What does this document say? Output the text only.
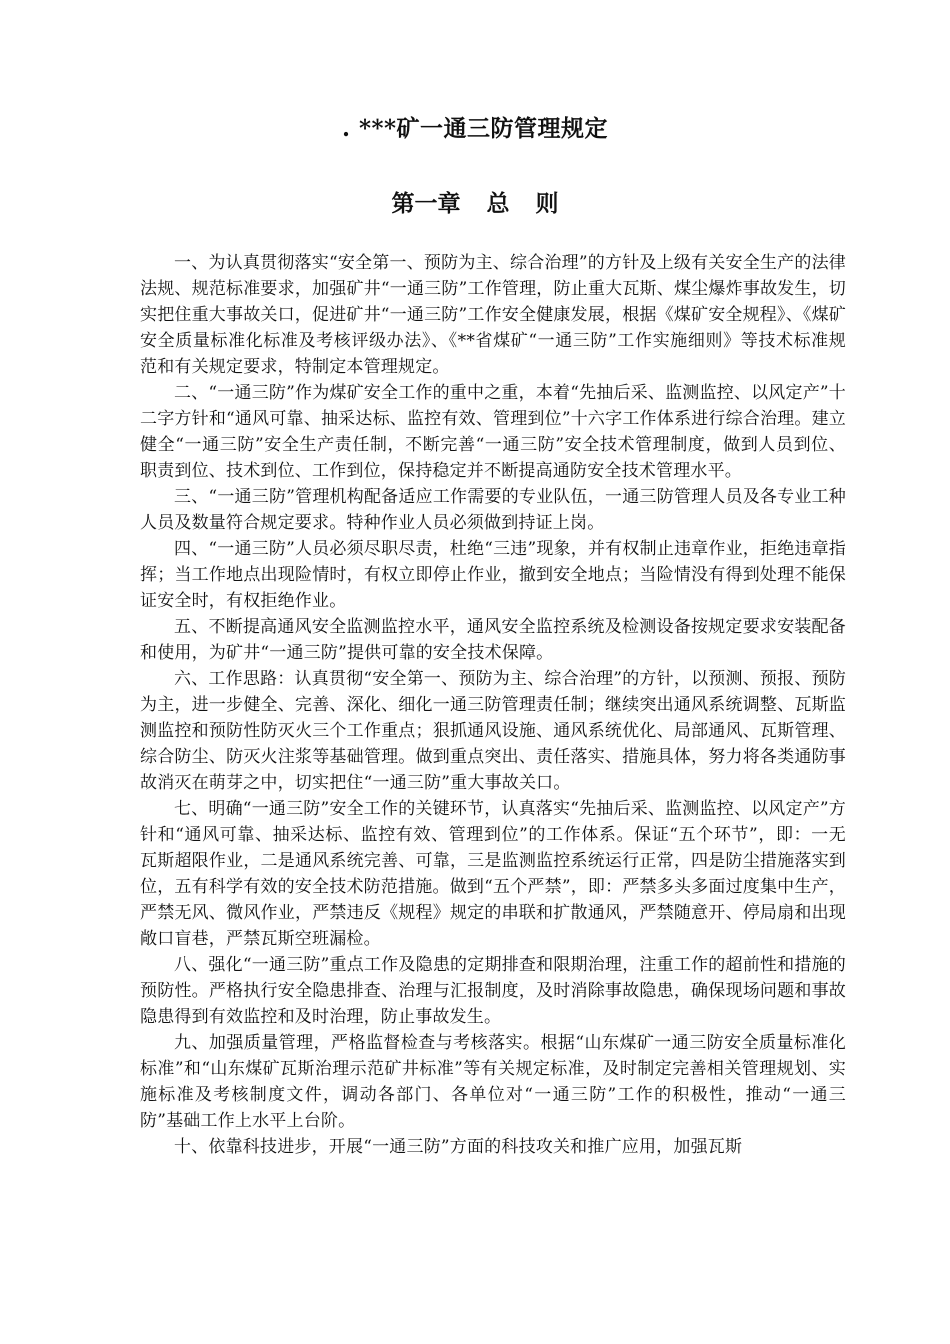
. ***矿一通三防管理规定
第一章 总 则

一、为认真贯彻落实“安全第一、预防为主、综合治理”的方针及上级有关安全生产的法律法规、规范标准要求，加强矿井“一通三防”工作管理，防止重大瓦斯、煤尘爆炸事故发生，切实把住重大事故关口，促进矿井“一通三防”工作安全健康发展，根据《煤矿安全规程》、《煤矿安全质量标准化标准及考核评级办法》、《**省煤矿“一通三防”工作实施细则》等技术标准规范和有关规定要求，特制定本管理规定。

二、“一通三防”作为煤矿安全工作的重中之重，本着“先抽后采、监测监控、以风定产”十二字方针和“通风可靠、抽采达标、监控有效、管理到位”十六字工作体系进行综合治理。建立健全“一通三防”安全生产责任制，不断完善“一通三防”安全技术管理制度，做到人员到位、职责到位、技术到位、工作到位，保持稳定并不断提高通防安全技术管理水平。

三、“一通三防”管理机构配备适应工作需要的专业队伍，一通三防管理人员及各专业工种人员及数量符合规定要求。特种作业人员必须做到持证上岗。

四、“一通三防”人员必须尽职尽责，杜绝“三违”现象，并有权制止违章作业，拒绝违章指挥；当工作地点出现险情时，有权立即停止作业，撤到安全地点；当险情没有得到处理不能保证安全时，有权拒绝作业。

五、不断提高通风安全监测监控水平，通风安全监控系统及检测设备按规定要求安装配备和使用，为矿井“一通三防”提供可靠的安全技术保障。

六、工作思路：认真贯彻“安全第一、预防为主、综合治理”的方针，以预测、预报、预防为主，进一步健全、完善、深化、细化一通三防管理责任制；继续突出通风系统调整、瓦斯监测监控和预防性防灭火三个工作重点；狠抓通风设施、通风系统优化、局部通风、瓦斯管理、综合防尘、防灭火注浆等基础管理。做到重点突出、责任落实、措施具体，努力将各类通防事故消灭在萌芽之中，切实把住“一通三防”重大事故关口。

七、明确“一通三防”安全工作的关键环节，认真落实“先抽后采、监测监控、以风定产”方针和“通风可靠、抽采达标、监控有效、管理到位”的工作体系。保证“五个环节”，即：一无瓦斯超限作业，二是通风系统完善、可靠，三是监测监控系统运行正常，四是防尘措施落实到位，五有科学有效的安全技术防范措施。做到“五个严禁”，即：严禁多头多面过度集中生产，严禁无风、微风作业，严禁违反《规程》规定的串联和扩散通风，严禁随意开、停局扇和出现敞口盲巷，严禁瓦斯空班漏检。

八、强化“一通三防”重点工作及隐患的定期排查和限期治理，注重工作的超前性和措施的预防性。严格执行安全隐患排查、治理与汇报制度，及时消除事故隐患，确保现场问题和事故隐患得到有效监控和及时治理，防止事故发生。

九、加强质量管理，严格监督检查与考核落实。根据“山东煤矿一通三防安全质量标准化标准”和“山东煤矿瓦斯治理示范矿井标准”等有关规定标准，及时制定完善相关管理规划、实施标准及考核制度文件，调动各部门、各单位对“一通三防”工作的积极性，推动“一通三防”基础工作上水平上台阶。

十、依靠科技进步，开展“一通三防”方面的科技攻关和推广应用，加强瓦斯
